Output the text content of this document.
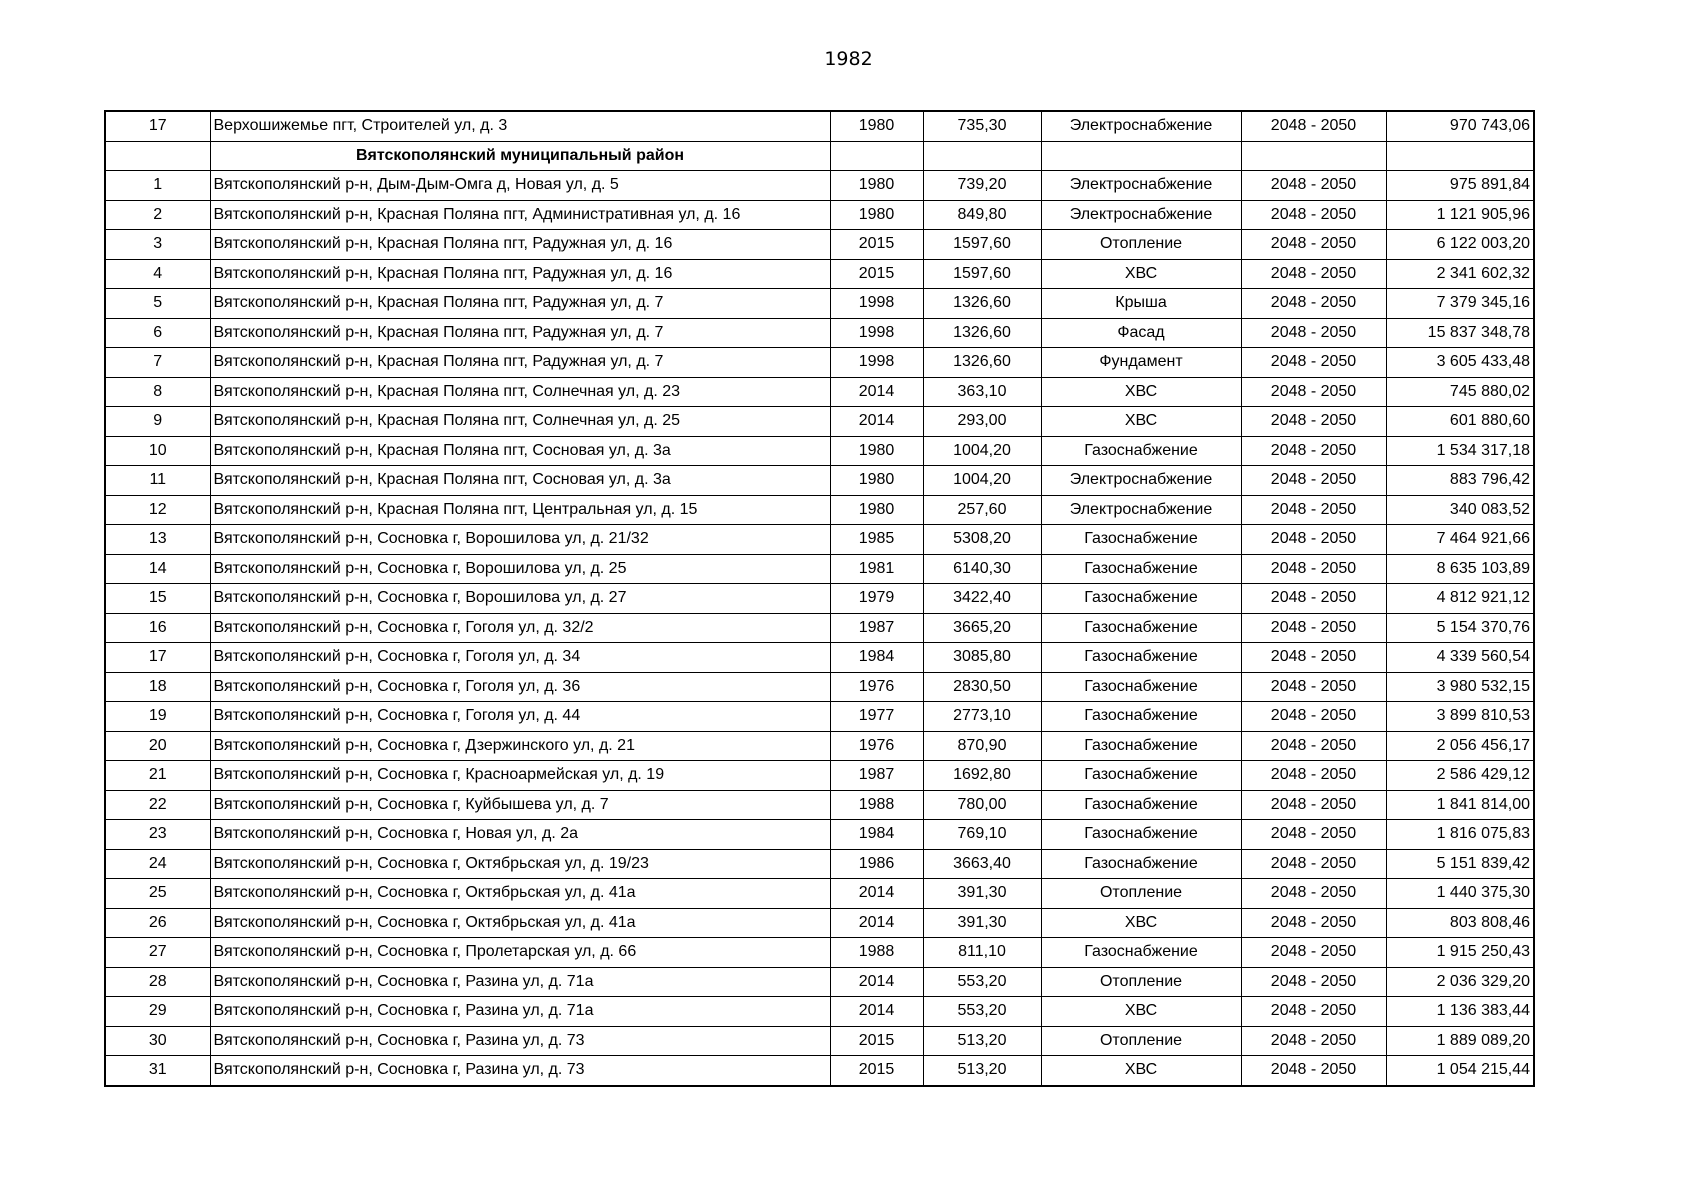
1982
17	Верхошижемье пгт, Строителей ул, д. 3	1980	735,30	Электроснабжение	2048 - 2050	970 743,06
	Вятскополянский муниципальный район					
1	Вятскополянский р-н, Дым-Дым-Омга д, Новая ул, д. 5	1980	739,20	Электроснабжение	2048 - 2050	975 891,84
2	Вятскополянский р-н, Красная Поляна пгт, Административная ул, д. 16	1980	849,80	Электроснабжение	2048 - 2050	1 121 905,96
3	Вятскополянский р-н, Красная Поляна пгт, Радужная ул, д. 16	2015	1597,60	Отопление	2048 - 2050	6 122 003,20
4	Вятскополянский р-н, Красная Поляна пгт, Радужная ул, д. 16	2015	1597,60	ХВС	2048 - 2050	2 341 602,32
5	Вятскополянский р-н, Красная Поляна пгт, Радужная ул, д. 7	1998	1326,60	Крыша	2048 - 2050	7 379 345,16
6	Вятскополянский р-н, Красная Поляна пгт, Радужная ул, д. 7	1998	1326,60	Фасад	2048 - 2050	15 837 348,78
7	Вятскополянский р-н, Красная Поляна пгт, Радужная ул, д. 7	1998	1326,60	Фундамент	2048 - 2050	3 605 433,48
8	Вятскополянский р-н, Красная Поляна пгт, Солнечная ул, д. 23	2014	363,10	ХВС	2048 - 2050	745 880,02
9	Вятскополянский р-н, Красная Поляна пгт, Солнечная ул, д. 25	2014	293,00	ХВС	2048 - 2050	601 880,60
10	Вятскополянский р-н, Красная Поляна пгт, Сосновая ул, д. 3а	1980	1004,20	Газоснабжение	2048 - 2050	1 534 317,18
11	Вятскополянский р-н, Красная Поляна пгт, Сосновая ул, д. 3а	1980	1004,20	Электроснабжение	2048 - 2050	883 796,42
12	Вятскополянский р-н, Красная Поляна пгт, Центральная ул, д. 15	1980	257,60	Электроснабжение	2048 - 2050	340 083,52
13	Вятскополянский р-н, Сосновка г, Ворошилова ул, д. 21/32	1985	5308,20	Газоснабжение	2048 - 2050	7 464 921,66
14	Вятскополянский р-н, Сосновка г, Ворошилова ул, д. 25	1981	6140,30	Газоснабжение	2048 - 2050	8 635 103,89
15	Вятскополянский р-н, Сосновка г, Ворошилова ул, д. 27	1979	3422,40	Газоснабжение	2048 - 2050	4 812 921,12
16	Вятскополянский р-н, Сосновка г, Гоголя ул, д. 32/2	1987	3665,20	Газоснабжение	2048 - 2050	5 154 370,76
17	Вятскополянский р-н, Сосновка г, Гоголя ул, д. 34	1984	3085,80	Газоснабжение	2048 - 2050	4 339 560,54
18	Вятскополянский р-н, Сосновка г, Гоголя ул, д. 36	1976	2830,50	Газоснабжение	2048 - 2050	3 980 532,15
19	Вятскополянский р-н, Сосновка г, Гоголя ул, д. 44	1977	2773,10	Газоснабжение	2048 - 2050	3 899 810,53
20	Вятскополянский р-н, Сосновка г, Дзержинского ул, д. 21	1976	870,90	Газоснабжение	2048 - 2050	2 056 456,17
21	Вятскополянский р-н, Сосновка г, Красноармейская ул, д. 19	1987	1692,80	Газоснабжение	2048 - 2050	2 586 429,12
22	Вятскополянский р-н, Сосновка г, Куйбышева ул, д. 7	1988	780,00	Газоснабжение	2048 - 2050	1 841 814,00
23	Вятскополянский р-н, Сосновка г, Новая ул, д. 2а	1984	769,10	Газоснабжение	2048 - 2050	1 816 075,83
24	Вятскополянский р-н, Сосновка г, Октябрьская ул, д. 19/23	1986	3663,40	Газоснабжение	2048 - 2050	5 151 839,42
25	Вятскополянский р-н, Сосновка г, Октябрьская ул, д. 41а	2014	391,30	Отопление	2048 - 2050	1 440 375,30
26	Вятскополянский р-н, Сосновка г, Октябрьская ул, д. 41а	2014	391,30	ХВС	2048 - 2050	803 808,46
27	Вятскополянский р-н, Сосновка г, Пролетарская ул, д. 66	1988	811,10	Газоснабжение	2048 - 2050	1 915 250,43
28	Вятскополянский р-н, Сосновка г, Разина ул, д. 71а	2014	553,20	Отопление	2048 - 2050	2 036 329,20
29	Вятскополянский р-н, Сосновка г, Разина ул, д. 71а	2014	553,20	ХВС	2048 - 2050	1 136 383,44
30	Вятскополянский р-н, Сосновка г, Разина ул, д. 73	2015	513,20	Отопление	2048 - 2050	1 889 089,20
31	Вятскополянский р-н, Сосновка г, Разина ул, д. 73	2015	513,20	ХВС	2048 - 2050	1 054 215,44
